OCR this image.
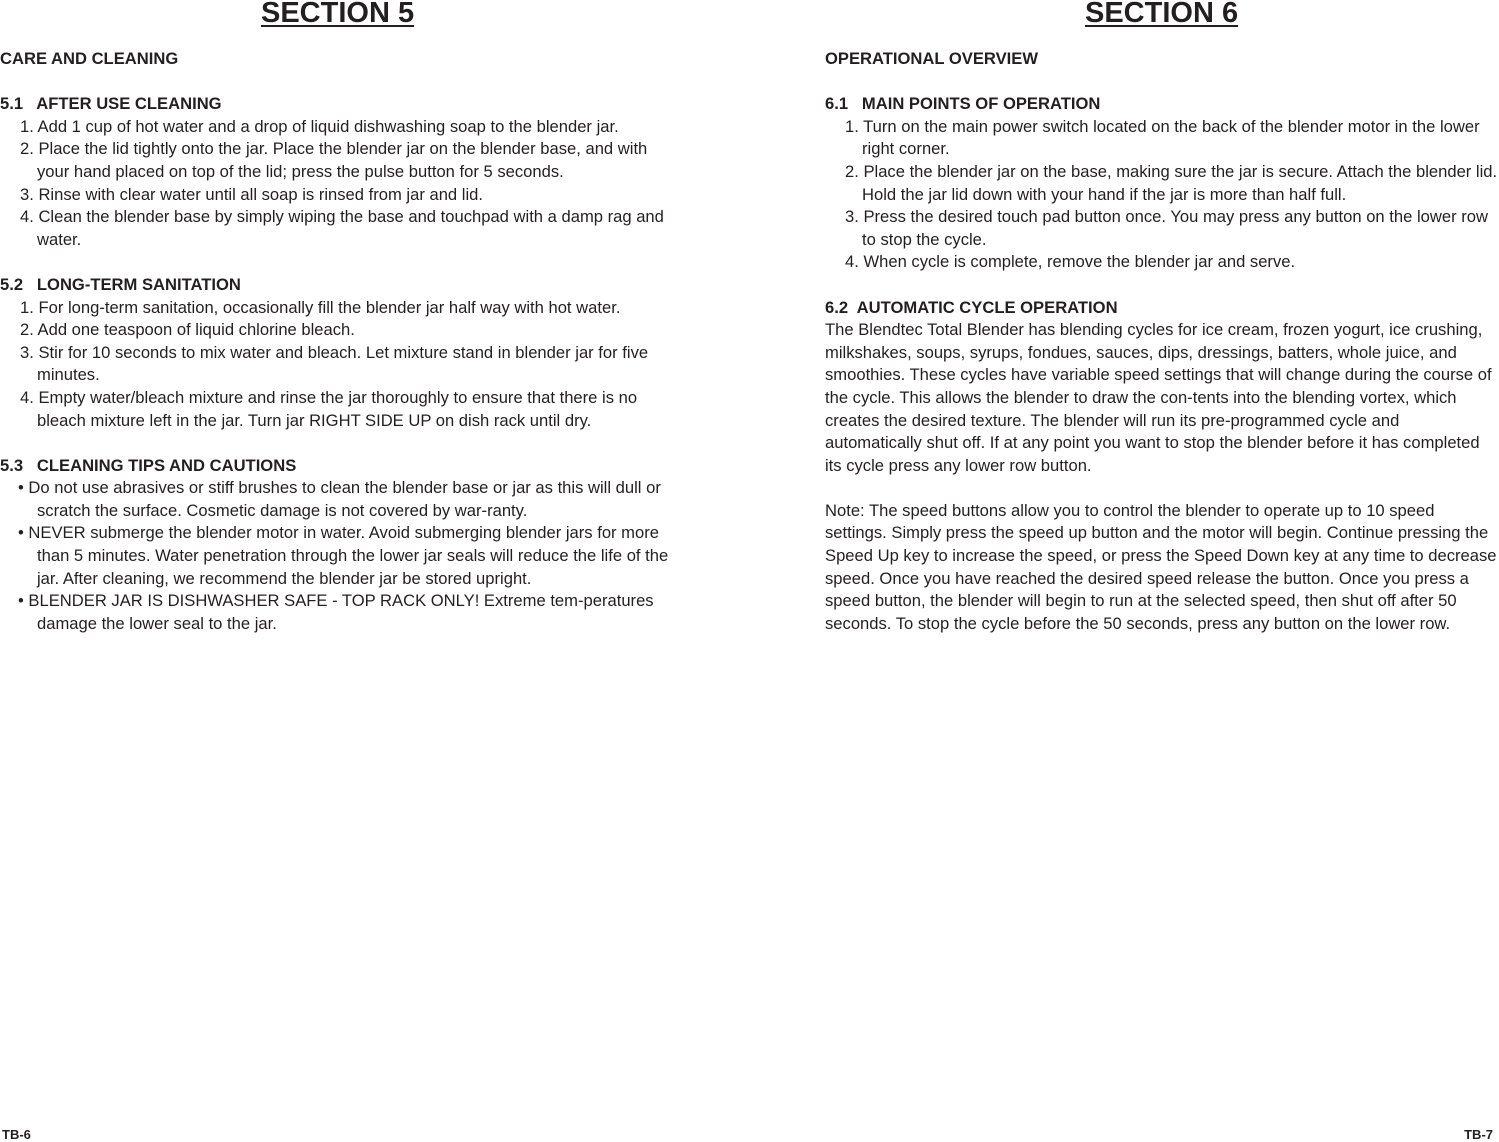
SECTION 5
CARE AND CLEANING
5.1   AFTER USE CLEANING
1. Add 1 cup of hot water and a drop of liquid dishwashing soap to the blender jar.
2. Place the lid tightly onto the jar. Place the blender jar on the blender base, and with your hand placed on top of the lid; press the pulse button for 5 seconds.
3. Rinse with clear water until all soap is rinsed from jar and lid.
4. Clean the blender base by simply wiping the base and touchpad with a damp rag and water.
5.2   LONG-TERM SANITATION
1. For long-term sanitation, occasionally fill the blender jar half way with hot water.
2. Add one teaspoon of liquid chlorine bleach.
3. Stir for 10 seconds to mix water and bleach. Let mixture stand in blender jar for five minutes.
4. Empty water/bleach mixture and rinse the jar thoroughly to ensure that there is no bleach mixture left in the jar. Turn jar RIGHT SIDE UP on dish rack until dry.
5.3   CLEANING TIPS AND CAUTIONS
• Do not use abrasives or stiff brushes to clean the blender base or jar as this will dull or scratch the surface. Cosmetic damage is not covered by war-ranty.
• NEVER submerge the blender motor in water. Avoid submerging blender jars for more than 5 minutes. Water penetration through the lower jar seals will reduce the life of the jar. After cleaning, we recommend the blender jar be stored upright.
• BLENDER JAR IS DISHWASHER SAFE - TOP RACK ONLY! Extreme tem-peratures damage the lower seal to the jar.
TB-6
SECTION 6
OPERATIONAL OVERVIEW
6.1   MAIN POINTS OF OPERATION
1. Turn on the main power switch located on the back of the blender motor in the lower right corner.
2. Place the blender jar on the base, making sure the jar is secure. Attach the blender lid. Hold the jar lid down with your hand if the jar is more than half full.
3. Press the desired touch pad button once. You may press any button on the lower row to stop the cycle.
4. When cycle is complete, remove the blender jar and serve.
6.2  AUTOMATIC CYCLE OPERATION
The Blendtec Total Blender has blending cycles for ice cream, frozen yogurt, ice crushing, milkshakes, soups, syrups, fondues, sauces, dips, dressings, batters, whole juice, and smoothies. These cycles have variable speed settings that will change during the course of the cycle. This allows the blender to draw the con-tents into the blending vortex, which creates the desired texture. The blender will run its pre-programmed cycle and automatically shut off. If at any point you want to stop the blender before it has completed its cycle press any lower row button.
Note: The speed buttons allow you to control the blender to operate up to 10 speed settings. Simply press the speed up button and the motor will begin. Continue pressing the Speed Up key to increase the speed, or press the Speed Down key at any time to decrease speed. Once you have reached the desired speed release the button. Once you press a speed button, the blender will begin to run at the selected speed, then shut off after 50 seconds. To stop the cycle before the 50 seconds, press any button on the lower row.
TB-7
